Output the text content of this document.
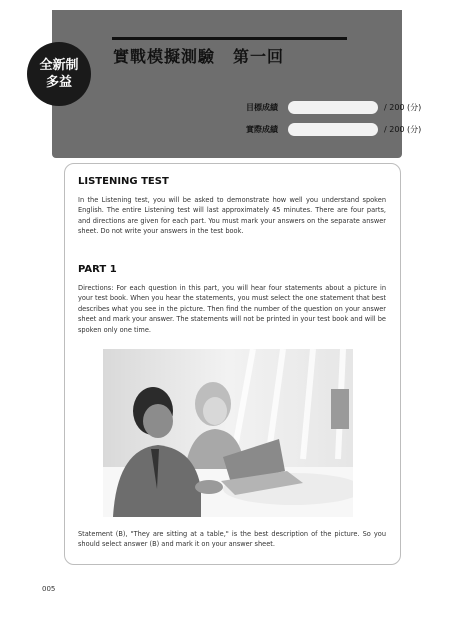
全新制
多益
實戰模擬測驗 第一回
目標成績	/ 200 (分)
實際成績	/ 200 (分)
LISTENING TEST
In the Listening test, you will be asked to demonstrate how well you understand spoken English. The entire Listening test will last approximately 45 minutes. There are four parts, and directions are given for each part. You must mark your answers on the separate answer sheet. Do not write your answers in the test book.
PART 1
Directions: For each question in this part, you will hear four statements about a picture in your test book. When you hear the statements, you must select the one statement that best describes what you see in the picture. Then find the number of the question on your answer sheet and mark your answer. The statements will not be printed in your test book and will be spoken only one time.
Statement (B), "They are sitting at a table," is the best description of the picture. So you should select answer (B) and mark it on your answer sheet.
005
